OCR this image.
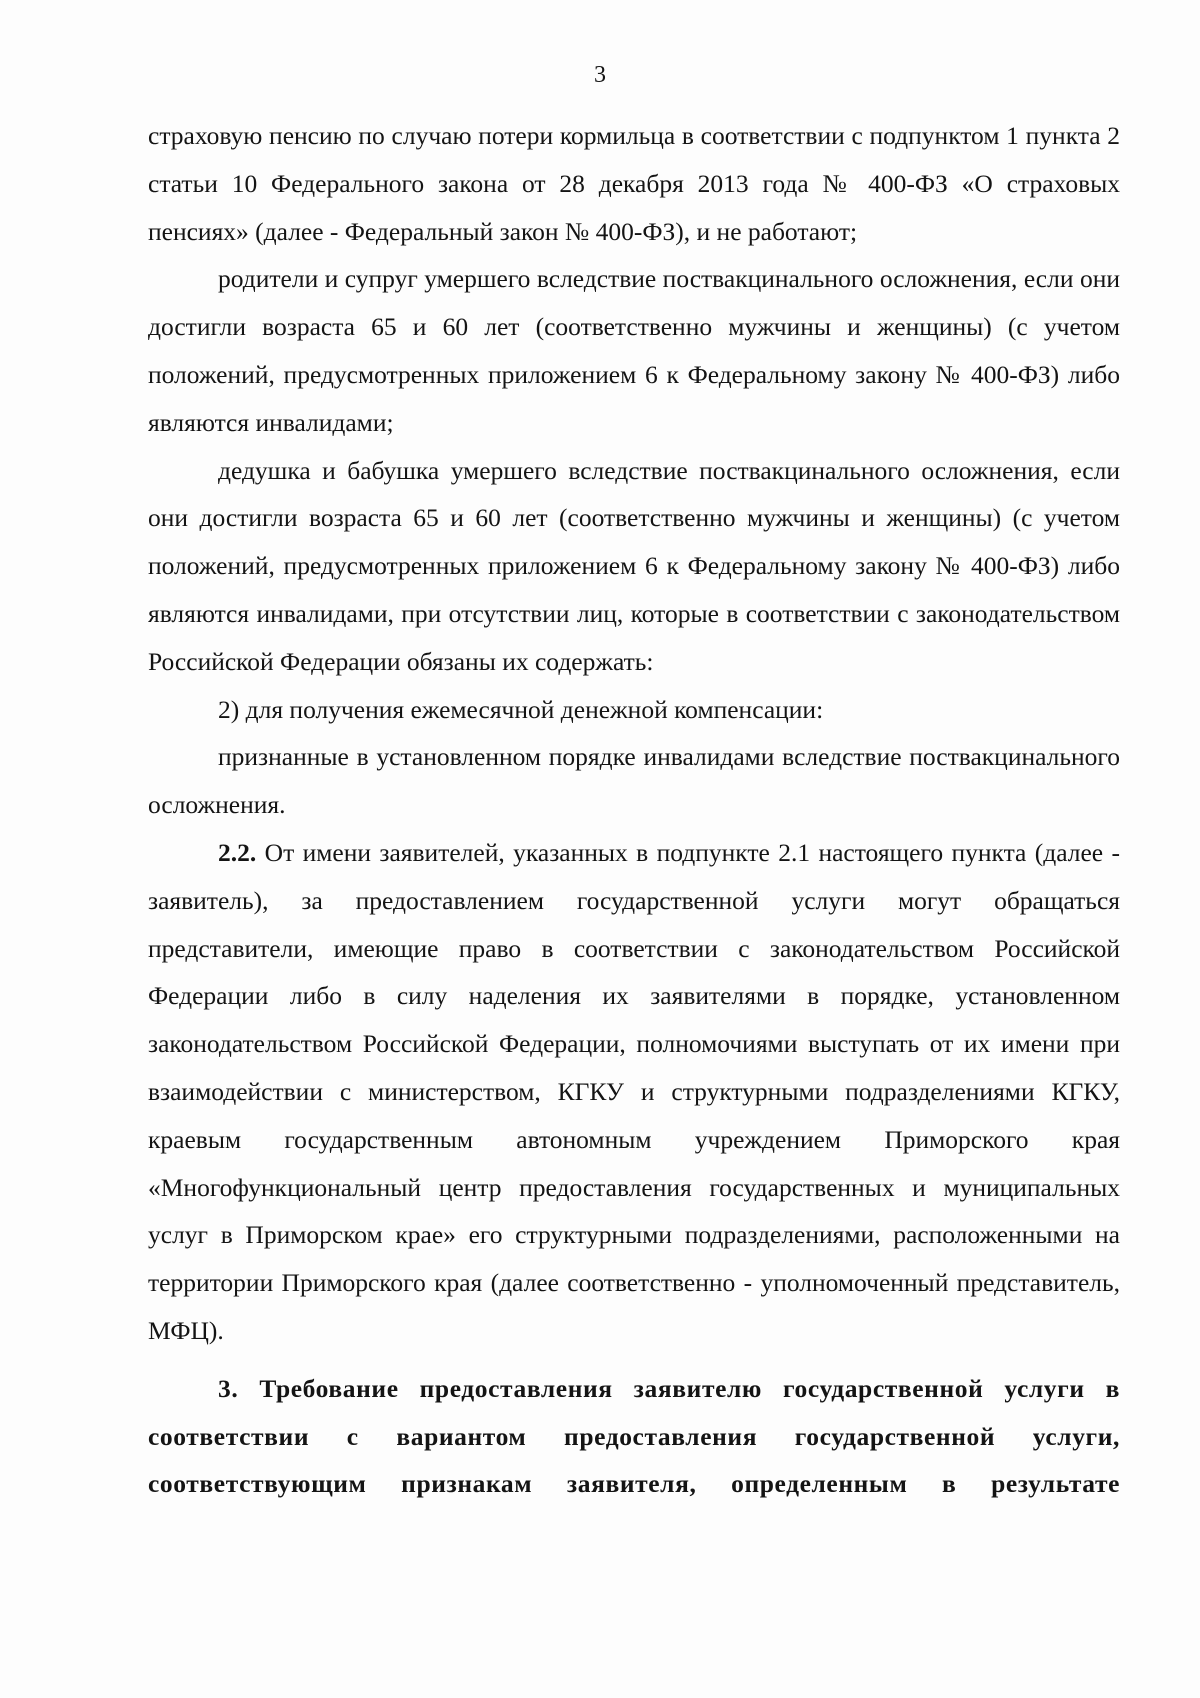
3

страховую пенсию по случаю потери кормильца в соответствии с подпунктом 1 пункта 2 статьи 10 Федерального закона от 28 декабря 2013 года № 400-ФЗ «О страховых пенсиях» (далее - Федеральный закон № 400-ФЗ), и не работают;

родители и супруг умершего вследствие поствакцинального осложнения, если они достигли возраста 65 и 60 лет (соответственно мужчины и женщины) (с учетом положений, предусмотренных приложением 6 к Федеральному закону № 400-ФЗ) либо являются инвалидами;

дедушка и бабушка умершего вследствие поствакцинального осложнения, если они достигли возраста 65 и 60 лет (соответственно мужчины и женщины) (с учетом положений, предусмотренных приложением 6 к Федеральному закону № 400-ФЗ) либо являются инвалидами, при отсутствии лиц, которые в соответствии с законодательством Российской Федерации обязаны их содержать:

2) для получения ежемесячной денежной компенсации:

признанные в установленном порядке инвалидами вследствие поствакцинального осложнения.

2.2. От имени заявителей, указанных в подпункте 2.1 настоящего пункта (далее - заявитель), за предоставлением государственной услуги могут обращаться представители, имеющие право в соответствии с законодательством Российской Федерации либо в силу наделения их заявителями в порядке, установленном законодательством Российской Федерации, полномочиями выступать от их имени при взаимодействии с министерством, КГКУ и структурными подразделениями КГКУ, краевым государственным автономным учреждением Приморского края «Многофункциональный центр предоставления государственных и муниципальных услуг в Приморском крае» его структурными подразделениями, расположенными на территории Приморского края (далее соответственно - уполномоченный представитель, МФЦ).

3. Требование предоставления заявителю государственной услуги в соответствии с вариантом предоставления государственной услуги, соответствующим признакам заявителя, определенным в результате
